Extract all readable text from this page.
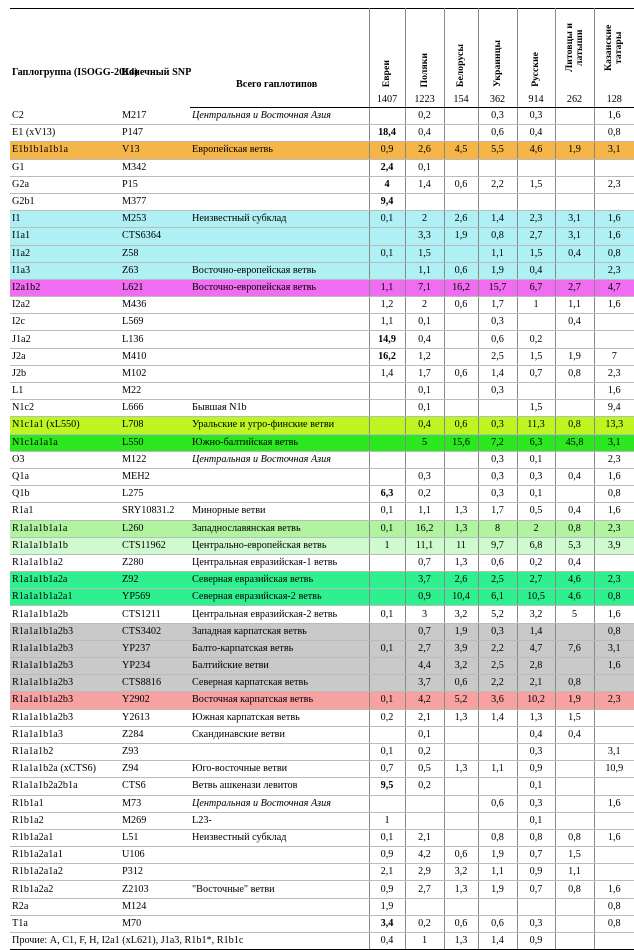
Гаплогруппа (ISOGG-2014)	Конечный SNP	Всего гаплотипов	Евреи	Поляки	Белорусы	Украинцы	Русские	Литовцы и латыши	Казанские татары
			1407	1223	154	362	914	262	128
C2	M217	Центральная и Восточная Азия		0,2		0,3	0,3		1,6
E1 (xV13)	P147		18,4	0,4		0,6	0,4		0,8
E1b1b1a1b1a	V13	Европейская ветвь	0,9	2,6	4,5	5,5	4,6	1,9	3,1
G1	M342		2,4	0,1					
G2a	P15		4	1,4	0,6	2,2	1,5		2,3
G2b1	M377		9,4						
I1	M253	Неизвестный субклад	0,1	2	2,6	1,4	2,3	3,1	1,6
I1a1	CTS6364			3,3	1,9	0,8	2,7	3,1	1,6
I1a2	Z58		0,1	1,5		1,1	1,5	0,4	0,8
I1a3	Z63	Восточно-европейская ветвь		1,1	0,6	1,9	0,4		2,3
I2a1b2	L621	Восточно-европейская ветвь	1,1	7,1	16,2	15,7	6,7	2,7	4,7
I2a2	M436		1,2	2	0,6	1,7	1	1,1	1,6
I2c	L569		1,1	0,1		0,3		0,4	
J1a2	L136		14,9	0,4		0,6	0,2		
J2a	M410		16,2	1,2		2,5	1,5	1,9	7
J2b	M102		1,4	1,7	0,6	1,4	0,7	0,8	2,3
L1	M22			0,1		0,3			1,6
N1c2	L666	Бывшая N1b		0,1			1,5		9,4
N1c1a1 (xL550)	L708	Уральские и угро-финские ветви		0,4	0,6	0,3	11,3	0,8	13,3
N1c1a1a1a	L550	Южно-балтийская ветвь		5	15,6	7,2	6,3	45,8	3,1
O3	M122	Центральная и Восточная Азия				0,3	0,1		2,3
Q1a	MEH2			0,3		0,3	0,3	0,4	1,6
Q1b	L275		6,3	0,2		0,3	0,1		0,8
R1a1	SRY10831.2	Минорные ветви	0,1	1,1	1,3	1,7	0,5	0,4	1,6
R1a1a1b1a1a	L260	Западнославянская ветвь	0,1	16,2	1,3	8	2	0,8	2,3
R1a1a1b1a1b	CTS11962	Центрально-европейская ветвь	1	11,1	11	9,7	6,8	5,3	3,9
R1a1a1b1a2	Z280	Центральная евразийская-1 ветвь		0,7	1,3	0,6	0,2	0,4	
R1a1a1b1a2a	Z92	Северная евразийская ветвь		3,7	2,6	2,5	2,7	4,6	2,3
R1a1a1b1a2a1	YP569	Северная евразийская-2 ветвь		0,9	10,4	6,1	10,5	4,6	0,8
R1a1a1b1a2b	CTS1211	Центральная евразийская-2 ветвь	0,1	3	3,2	5,2	3,2	5	1,6
R1a1a1b1a2b3	CTS3402	Западная карпатская ветвь		0,7	1,9	0,3	1,4		0,8
R1a1a1b1a2b3	YP237	Балто-карпатская ветвь	0,1	2,7	3,9	2,2	4,7	7,6	3,1
R1a1a1b1a2b3	YP234	Балтийские ветви		4,4	3,2	2,5	2,8		1,6
R1a1a1b1a2b3	CTS8816	Северная карпатская ветвь		3,7	0,6	2,2	2,1	0,8	
R1a1a1b1a2b3	Y2902	Восточная карпатская ветвь	0,1	4,2	5,2	3,6	10,2	1,9	2,3
R1a1a1b1a2b3	Y2613	Южная карпатская ветвь	0,2	2,1	1,3	1,4	1,3	1,5	
R1a1a1b1a3	Z284	Скандинавские ветви		0,1			0,4	0,4	
R1a1a1b2	Z93		0,1	0,2			0,3		3,1
R1a1a1b2a (xCTS6)	Z94	Юго-восточные ветви	0,7	0,5	1,3	1,1	0,9		10,9
R1a1a1b2a2b1a	CTS6	Ветвь ашкенази левитов	9,5	0,2			0,1		
R1b1a1	M73	Центральная и Восточная Азия				0,6	0,3		1,6
R1b1a2	M269	L23-	1				0,1		
R1b1a2a1	L51	Неизвестный субклад	0,1	2,1		0,8	0,8	0,8	1,6
R1b1a2a1a1	U106		0,9	4,2	0,6	1,9	0,7	1,5	
R1b1a2a1a2	P312		2,1	2,9	3,2	1,1	0,9	1,1	
R1b1a2a2	Z2103	"Восточные" ветви	0,9	2,7	1,3	1,9	0,7	0,8	1,6
R2a	M124		1,9						0,8
T1a	M70		3,4	0,2	0,6	0,6	0,3		0,8
Прочие: A, C1, F, H, I2a1 (xL621), J1a3, R1b1*, R1b1c			0,4	1	1,3	1,4	0,9		
